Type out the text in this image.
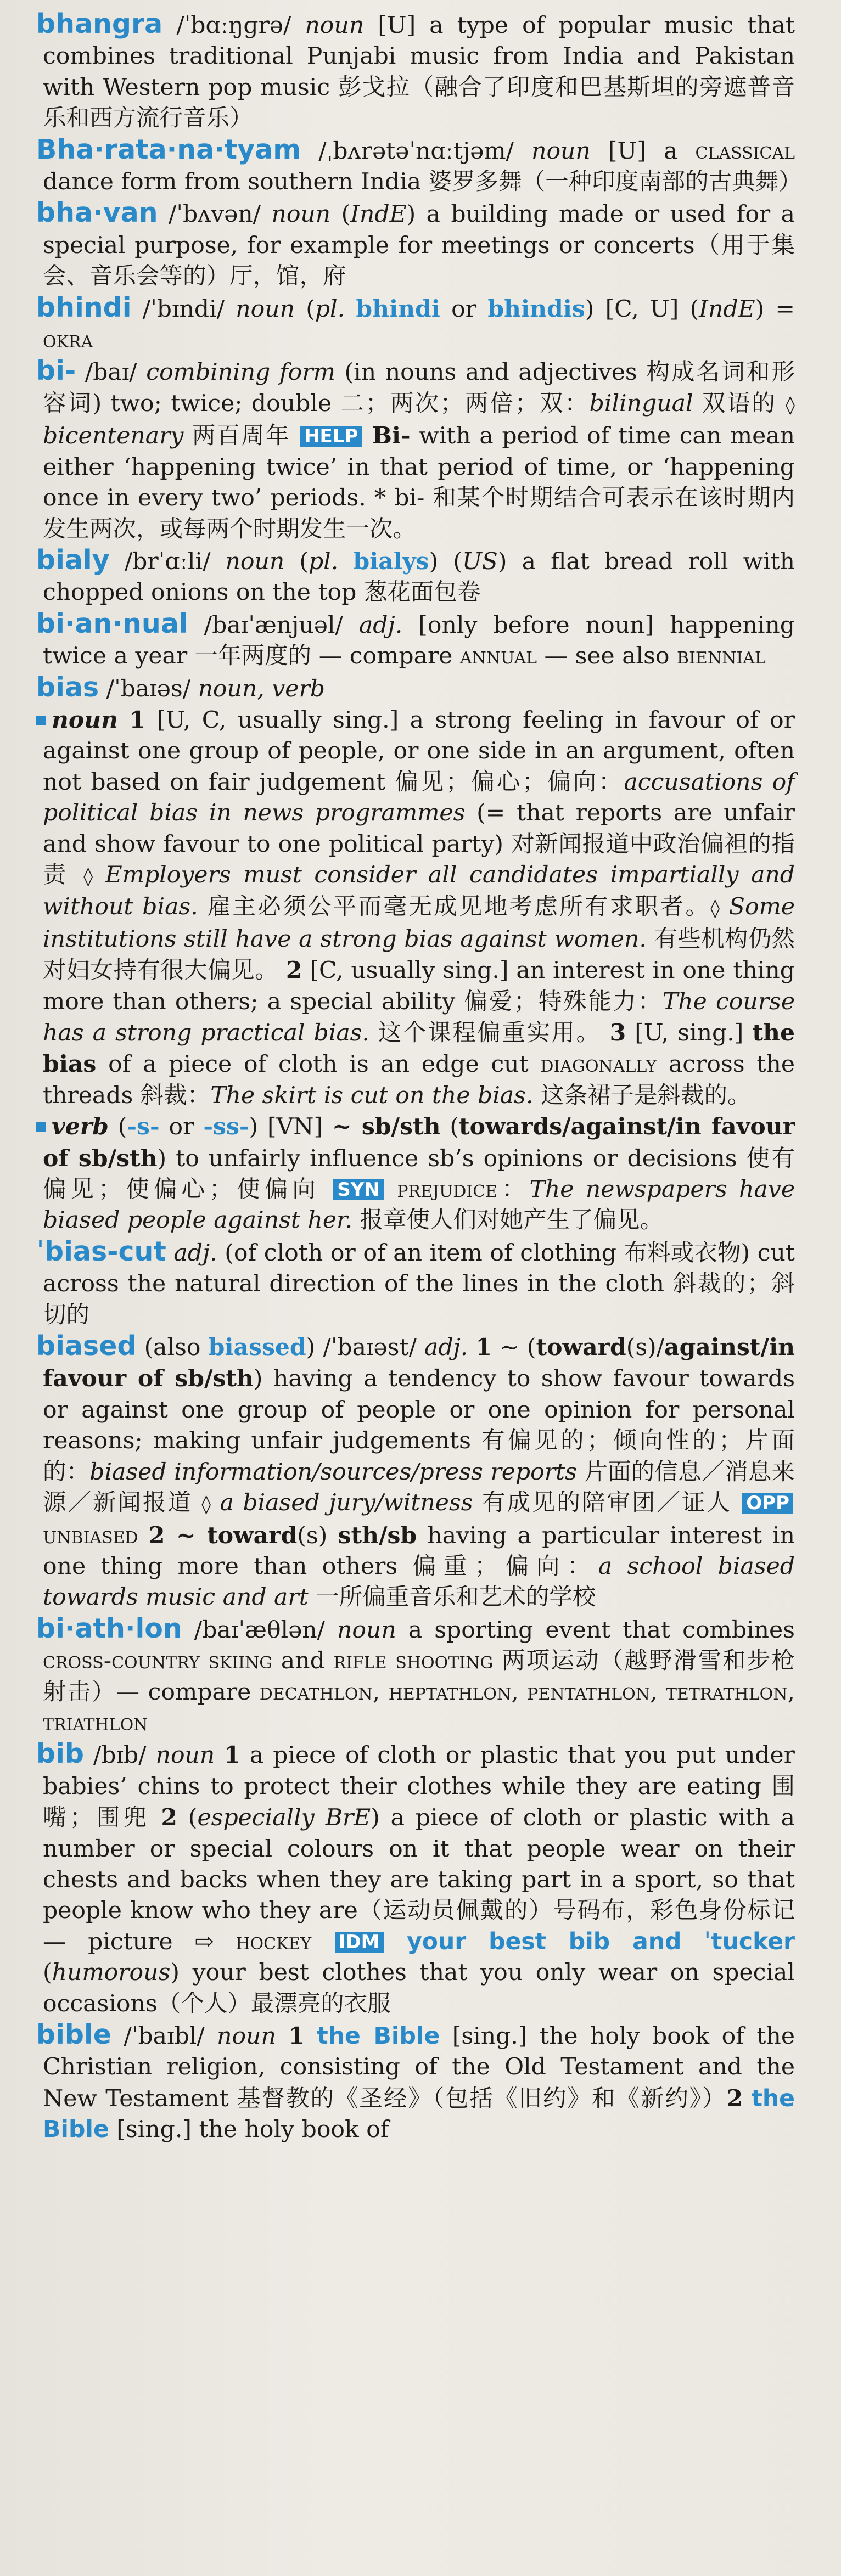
bhangra /ˈbɑːŋɡrə/ noun [U] a type of popular music that combines traditional Punjabi music from India and Pakistan with Western pop music 彭戈拉（融合了印度和巴基斯坦的旁遮普音乐和西方流行音乐）

Bha·rata·na·tyam /ˌbʌrətəˈnɑːtjəm/ noun [U] a classical dance form from southern India 婆罗多舞（一种印度南部的古典舞）

bha·van /ˈbʌvən/ noun (IndE) a building made or used for a special purpose, for example for meetings or concerts（用于集会、音乐会等的）厅，馆，府

bhindi /ˈbɪndi/ noun (pl. bhindi or bhindis) [C, U] (IndE) = okra

bi- /baɪ/ combining form (in nouns and adjectives 构成名词和形容词) two; twice; double 二；两次；两倍；双：bilingual 双语的 ◊ bicentenary 两百周年 HELP Bi- with a period of time can mean either ‘happening twice’ in that period of time, or ‘happening once in every two’ periods. * bi- 和某个时期结合可表示在该时期内发生两次，或每两个时期发生一次。

bialy /brˈɑːli/ noun (pl. bialys) (US) a flat bread roll with chopped onions on the top 葱花面包卷

bi·an·nual /baɪˈænjuəl/ adj. [only before noun] happening twice a year 一年两度的 — compare annual — see also biennial

bias /ˈbaɪəs/ noun, verb

noun 1 [U, C, usually sing.] a strong feeling in favour of or against one group of people, or one side in an argument, often not based on fair judgement 偏见；偏心；偏向：accusations of political bias in news programmes (= that reports are unfair and show favour to one political party) 对新闻报道中政治偏袒的指责 ◊ Employers must consider all candidates impartially and without bias. 雇主必须公平而毫无成见地考虑所有求职者。◊ Some institutions still have a strong bias against women. 有些机构仍然对妇女持有很大偏见。 2 [C, usually sing.] an interest in one thing more than others; a special ability 偏爱；特殊能力：The course has a strong practical bias. 这个课程偏重实用。 3 [U, sing.] the bias of a piece of cloth is an edge cut diagonally across the threads 斜裁：The skirt is cut on the bias. 这条裙子是斜裁的。

verb (-s- or -ss-) [VN] ~ sb/sth (towards/against/in favour of sb/sth) to unfairly influence sb’s opinions or decisions 使有偏见；使偏心；使偏向 SYN prejudice：The newspapers have biased people against her. 报章使人们对她产生了偏见。

ˈbias-cut adj. (of cloth or of an item of clothing 布料或衣物) cut across the natural direction of the lines in the cloth 斜裁的；斜切的

biased (also biassed) /ˈbaɪəst/ adj. 1 ~ (toward(s)/against/in favour of sb/sth) having a tendency to show favour towards or against one group of people or one opinion for personal reasons; making unfair judgements 有偏见的；倾向性的；片面的：biased information/sources/press reports 片面的信息／消息来源／新闻报道 ◊ a biased jury/witness 有成见的陪审团／证人 OPP unbiased 2 ~ toward(s) sth/sb having a particular interest in one thing more than others 偏重；偏向：a school biased towards music and art 一所偏重音乐和艺术的学校

bi·ath·lon /baɪˈæθlən/ noun a sporting event that combines cross-country skiing and rifle shooting 两项运动（越野滑雪和步枪射击）— compare decathlon, heptathlon, pentathlon, tetrathlon, triathlon

bib /bɪb/ noun 1 a piece of cloth or plastic that you put under babies’ chins to protect their clothes while they are eating 围嘴；围兜 2 (especially BrE) a piece of cloth or plastic with a number or special colours on it that people wear on their chests and backs when they are taking part in a sport, so that people know who they are（运动员佩戴的）号码布，彩色身份标记 — picture ⇨ hockey IDM your best bib and ˈtucker (humorous) your best clothes that you only wear on special occasions（个人）最漂亮的衣服

bible /ˈbaɪbl/ noun 1 the Bible [sing.] the holy book of the Christian religion, consisting of the Old Testament and the New Testament 基督教的《圣经》（包括《旧约》和《新约》）2 the Bible [sing.] the holy book of
